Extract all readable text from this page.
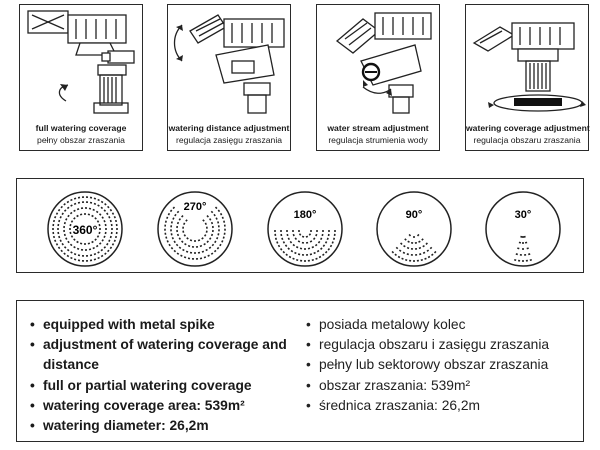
full watering coverage
pełny obszar zraszania
watering distance adjustment
regulacja zasięgu zraszania
water stream adjustment
regulacja strumienia wody
watering coverage adjustment
regulacja obszaru zraszania
360°
270°
180°	90°	30°
• equipped with metal spike
• adjustment of watering coverage and distance
• full or partial watering coverage
• watering coverage area: 539m²
• watering diameter: 26,2m
• posiada metalowy kolec
• regulacja obszaru i zasięgu zraszania
• pełny lub sektorowy obszar zraszania
• obszar zraszania: 539m²
• średnica zraszania: 26,2m
